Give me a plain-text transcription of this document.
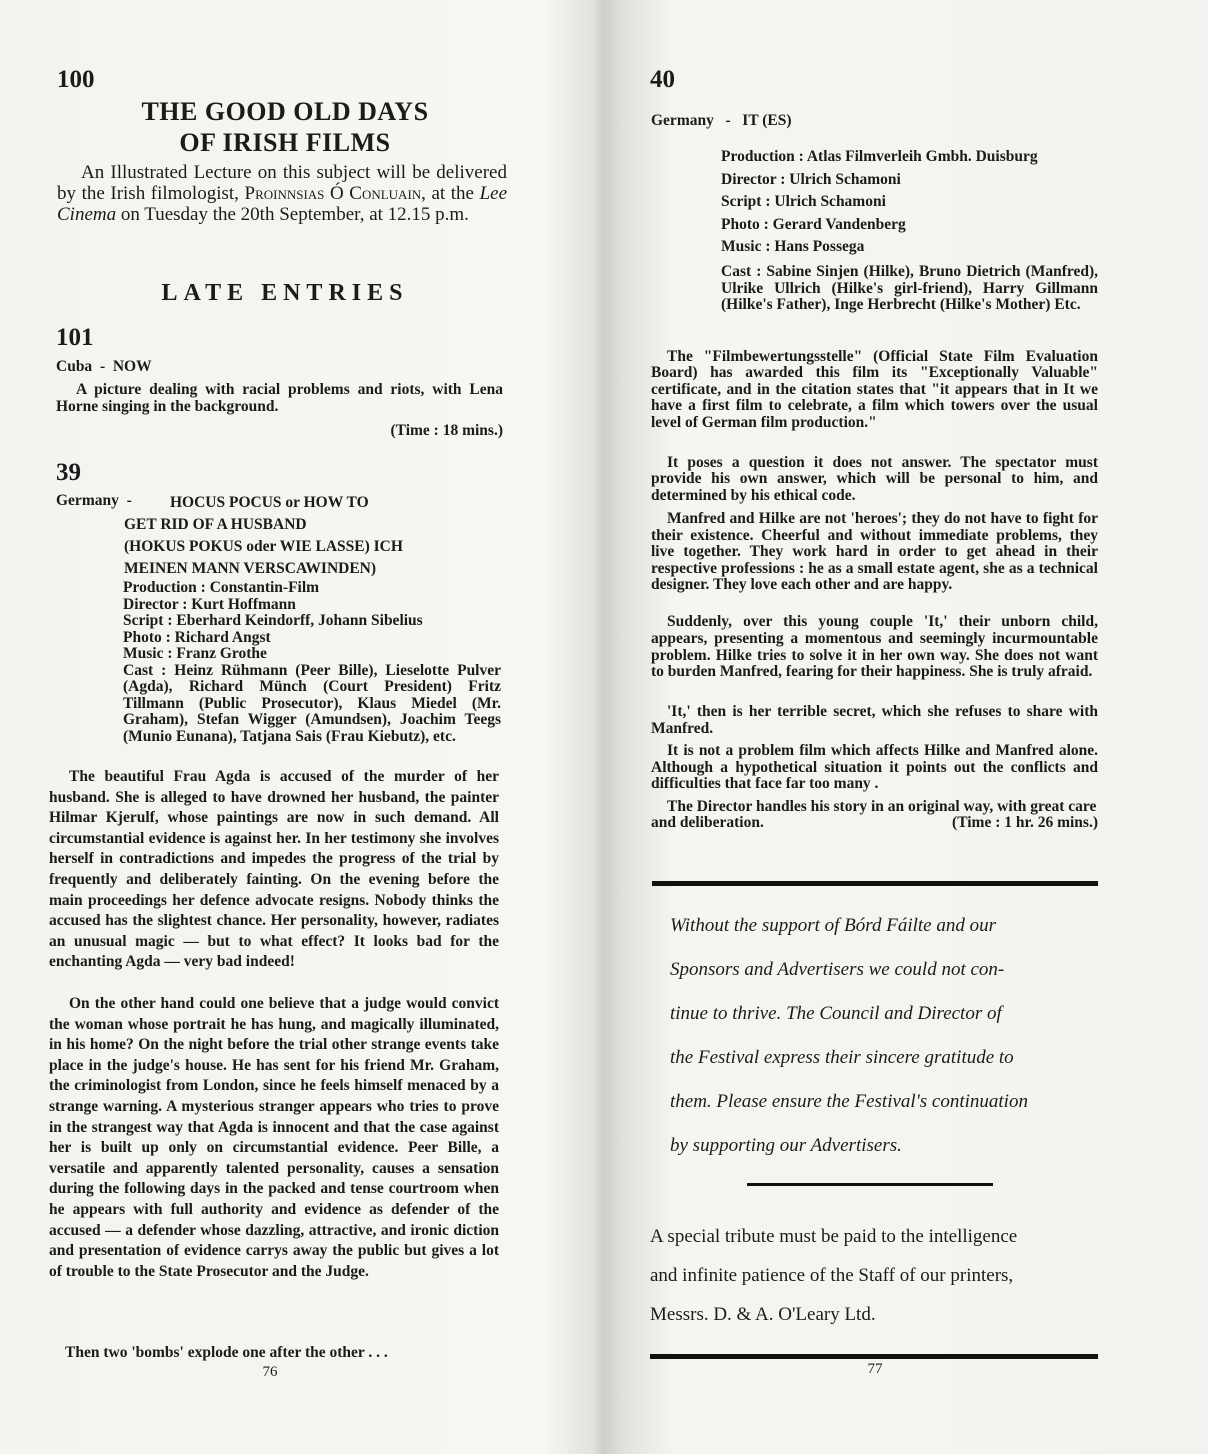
100
THE GOOD OLD DAYS
OF IRISH FILMS
An Illustrated Lecture on this subject will be delivered by the Irish filmologist, Proinnsias Ó Conluain, at the Lee Cinema on Tuesday the 20th September, at 12.15 p.m.
LATE ENTRIES
101
Cuba - NOW
A picture dealing with racial problems and riots, with Lena Horne singing in the background.
(Time : 18 mins.)
39
Germany - HOCUS POCUS or HOW TO
GET RID OF A HUSBAND
(HOKUS POKUS oder WIE LASSE) ICH
MEINEN MANN VERSCAWINDEN)
Production : Constantin-Film
Director : Kurt Hoffmann
Script : Eberhard Keindorff, Johann Sibelius
Photo : Richard Angst
Music : Franz Grothe
Cast : Heinz Rühmann (Peer Bille), Lieselotte Pulver (Agda), Richard Münch (Court President) Fritz Tillmann (Public Prosecutor), Klaus Miedel (Mr. Graham), Stefan Wigger (Amundsen), Joachim Teegs (Munio Eunana), Tatjana Sais (Frau Kiebutz), etc.
The beautiful Frau Agda is accused of the murder of her husband. She is alleged to have drowned her husband, the painter Hilmar Kjerulf, whose paintings are now in such demand. All circumstantial evidence is against her. In her testimony she involves herself in contradictions and impedes the progress of the trial by frequently and deliberately fainting. On the evening before the main proceedings her defence advocate resigns. Nobody thinks the accused has the slightest chance. Her personality, however, radiates an unusual magic — but to what effect? It looks bad for the enchanting Agda — very bad indeed!
On the other hand could one believe that a judge would convict the woman whose portrait he has hung, and magically illuminated, in his home? On the night before the trial other strange events take place in the judge's house. He has sent for his friend Mr. Graham, the criminologist from London, since he feels himself menaced by a strange warning. A mysterious stranger appears who tries to prove in the strangest way that Agda is innocent and that the case against her is built up only on circumstantial evidence. Peer Bille, a versatile and apparently talented personality, causes a sensation during the following days in the packed and tense courtroom when he appears with full authority and evidence as defender of the accused — a defender whose dazzling, attractive, and ironic diction and presentation of evidence carrys away the public but gives a lot of trouble to the State Prosecutor and the Judge.
Then two 'bombs' explode one after the other . . .
76
40
Germany - IT (ES)
Production : Atlas Filmverleih Gmbh. Duisburg
Director : Ulrich Schamoni
Script : Ulrich Schamoni
Photo : Gerard Vandenberg
Music : Hans Possega
Cast : Sabine Sinjen (Hilke), Bruno Dietrich (Manfred), Ulrike Ullrich (Hilke's girl-friend), Harry Gillmann (Hilke's Father), Inge Herbrecht (Hilke's Mother) Etc.
The "Filmbewertungsstelle" (Official State Film Evaluation Board) has awarded this film its "Exceptionally Valuable" certificate, and in the citation states that "it appears that in It we have a first film to celebrate, a film which towers over the usual level of German film production."
It poses a question it does not answer. The spectator must provide his own answer, which will be personal to him, and determined by his ethical code.
Manfred and Hilke are not 'heroes'; they do not have to fight for their existence. Cheerful and without immediate problems, they live together. They work hard in order to get ahead in their respective professions : he as a small estate agent, she as a technical designer. They love each other and are happy.
Suddenly, over this young couple 'It,' their unborn child, appears, presenting a momentous and seemingly incurmountable problem. Hilke tries to solve it in her own way. She does not want to burden Manfred, fearing for their happiness. She is truly afraid.
'It,' then is her terrible secret, which she refuses to share with Manfred.
It is not a problem film which affects Hilke and Manfred alone. Although a hypothetical situation it points out the conflicts and difficulties that face far too many .
The Director handles his story in an original way, with great care and deliberation.	(Time : 1 hr. 26 mins.)
Without the support of Bórd Fáilte and our
Sponsors and Advertisers we could not con-
tinue to thrive. The Council and Director of
the Festival express their sincere gratitude to
them. Please ensure the Festival's continuation
by supporting our Advertisers.
A special tribute must be paid to the intelligence
and infinite patience of the Staff of our printers,
Messrs. D. & A. O'Leary Ltd.
77
